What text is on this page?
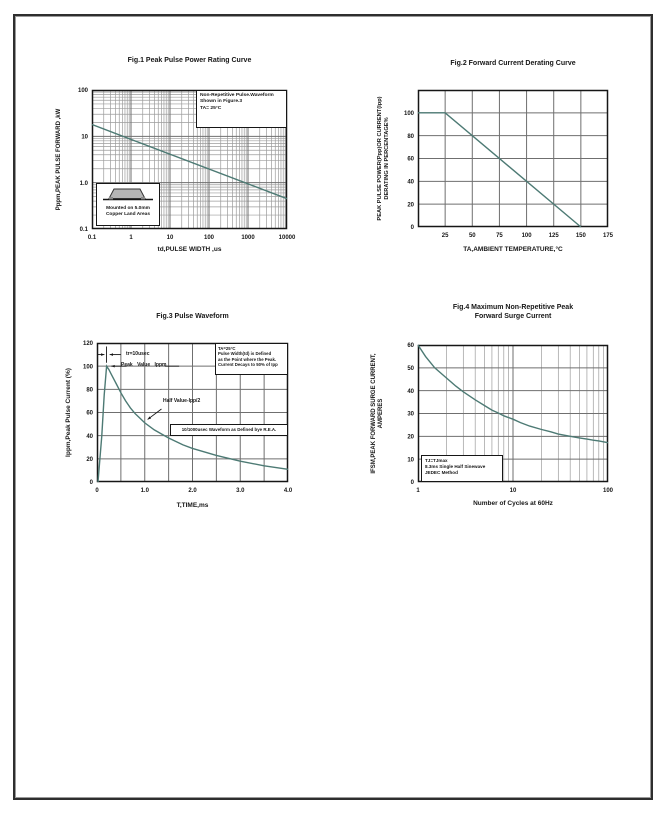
Fig.1 Peak Pulse Power Rating Curve
0.1	1	10	100	1000	10000
0.1
1.0
10
100
Pppm,PEAK PULSE FORWARD ,kW
td,PULSE WIDTH ,us
Non-Repetitive Pulse.Waveform
Shown in Figure.3
TA= 25°C
Mounted on 5.0mm
Copper Land Areas
Fig.2 Forward Current Derating Curve
25	50	75	100	125	150	175
0
20
40
60
80
100
PEAK PULSE POWER(Ppp)OR CURRENT(Ipp) DERATING IN PERCENTAGE%
TA,AMBIENT TEMPERATURE,°C
Fig.3 Pulse Waveform
0	1.0	2.0	3.0	4.0
0
20
40
60
80
100
120
Ippm,Peak Pulse Current (%)
T,TIME,ms
tr=10usec
Peak Value Ippm
Half Value-Ipp/2
TA=25°C
Pulse Width(td) is Defined
as the Point where the Peak.
Current Decays to 50% of Ipp
10/1000usec Waveform as Defined bye R.E.A.
Fig.4 Maximum Non-Repetitive Peak
Forward Surge Current
1	10	100
0
10
20
30
40
50
60
IFSM,PEAK FORWARD SURGE CURRENT, AMPERES
Number of Cycles at 60Hz
TJ=TJmax
8.3ms Single Half Sinewave
JEDEC Method
